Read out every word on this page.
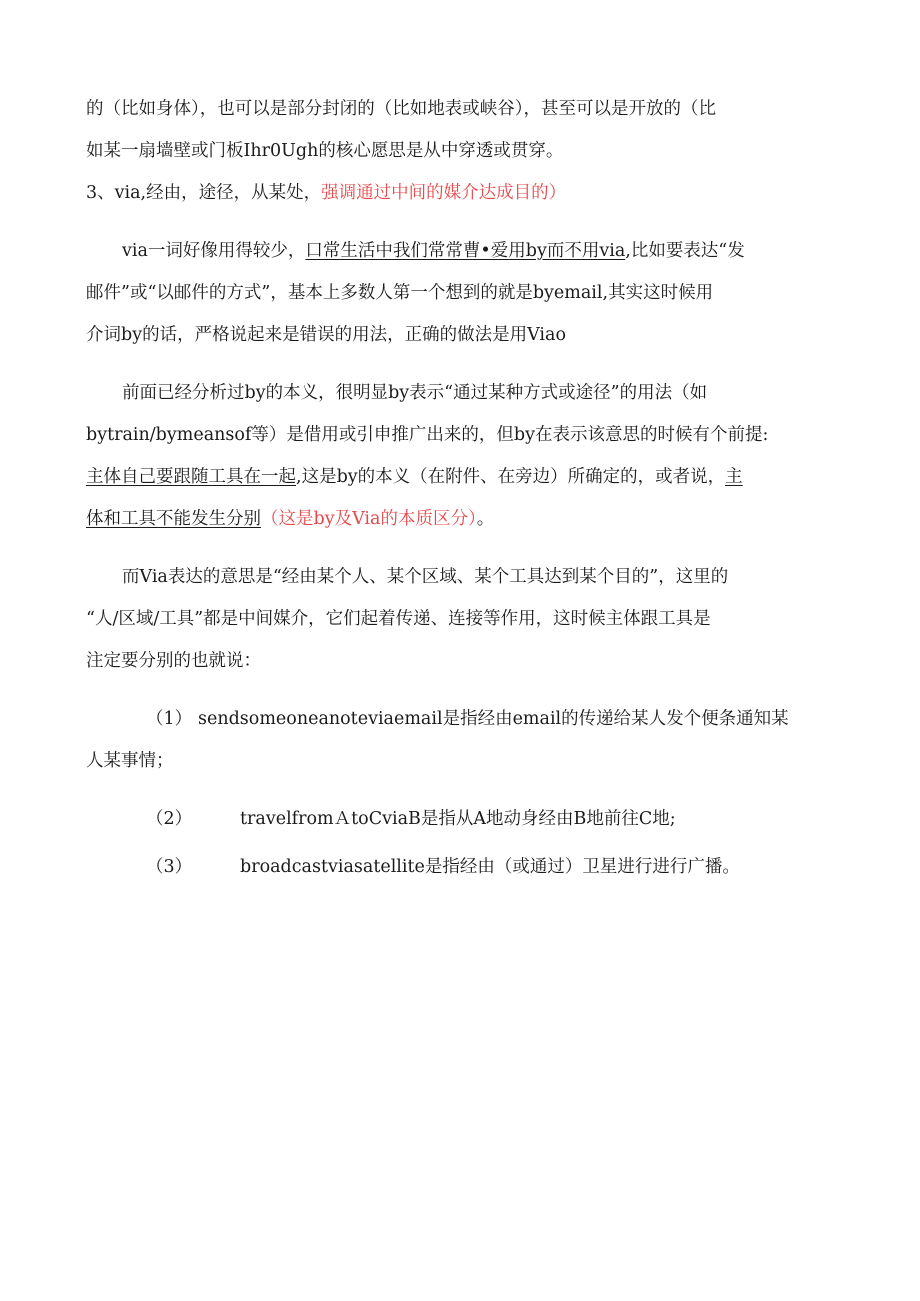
的（比如身体），也可以是部分封闭的（比如地表或峡谷），甚至可以是开放的（比
如某一扇墙壁或门板Ihr0Ugh的核心愿思是从中穿透或贯穿。
3、via,经由，途径，从某处，强调通过中间的媒介达成目的）
via一词好像用得较少，口常生活中我们常常曹•爱用by而不用via,比如要表达“发
邮件”或“以邮件的方式”，基本上多数人第一个想到的就是byemail,其实这时候用
介词by的话，严格说起来是错误的用法，正确的做法是用Viao
前面已经分析过by的本义，很明显by表示“通过某种方式或途径”的用法（如
bytrain/bymeansof等）是借用或引申推广出来的，但by在表示该意思的时候有个前提:
主体自己要跟随工具在一起,这是by的本义（在附件、在旁边）所确定的，或者说，主
体和工具不能发生分别（这是by及Via的本质区分）。
而Via表达的意思是“经由某个人、某个区域、某个工具达到某个目的”，这里的
“人/区域/工具”都是中间媒介，它们起着传递、连接等作用，这时候主体跟工具是
注定要分别的也就说：
（1） sendsomeoneanoteviaemail是指经由email的传递给某人发个便条通知某
人某事情；
（2）	travelfromＡtoCviaB是指从A地动身经由B地前往C地;
（3）	broadcastviasatellite是指经由（或通过）卫星进行进行广播。
